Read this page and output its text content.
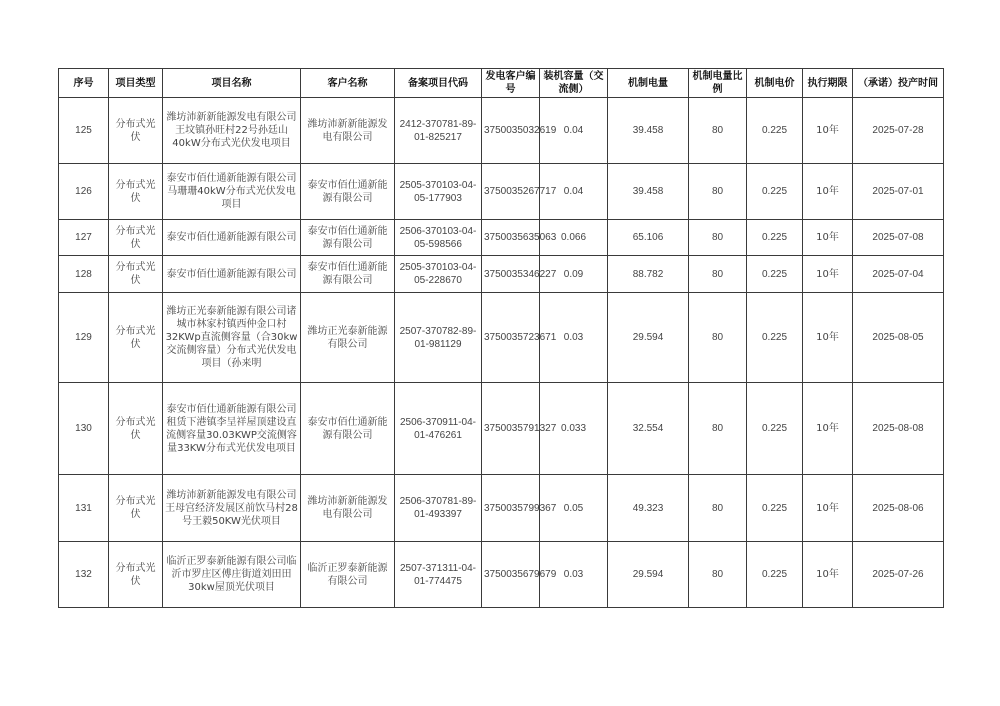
序号	项目类型	项目名称	客户名称	备案项目代码	发电客户编号	装机容量（交流侧）	机制电量	机制电量比例	机制电价	执行期限	（承诺）投产时间
125	分布式光伏	潍坊沛新新能源发电有限公司王坟镇孙旺村22号孙廷山40kW分布式光伏发电项目	潍坊沛新新能源发电有限公司	2412-370781-89-01-825217	3750035032619	0.04	39.458	80	0.225	10年	2025-07-28
126	分布式光伏	泰安市佰仕通新能源有限公司马珊珊40kW分布式光伏发电项目	泰安市佰仕通新能源有限公司	2505-370103-04-05-177903	3750035267717	0.04	39.458	80	0.225	10年	2025-07-01
127	分布式光伏	泰安市佰仕通新能源有限公司	泰安市佰仕通新能源有限公司	2506-370103-04-05-598566	3750035635063	0.066	65.106	80	0.225	10年	2025-07-08
128	分布式光伏	泰安市佰仕通新能源有限公司	泰安市佰仕通新能源有限公司	2505-370103-04-05-228670	3750035346227	0.09	88.782	80	0.225	10年	2025-07-04
129	分布式光伏	潍坊正光泰新能源有限公司诸城市林家村镇西仲金口村32KWp直流侧容量（合30kw交流侧容量）分布式光伏发电项目（孙来明	潍坊正光泰新能源有限公司	2507-370782-89-01-981129	3750035723671	0.03	29.594	80	0.225	10年	2025-08-05
130	分布式光伏	泰安市佰仕通新能源有限公司租赁下港镇李呈祥屋顶建设直流侧容量30.03KWP交流侧容量33KW分布式光伏发电项目	泰安市佰仕通新能源有限公司	2506-370911-04-01-476261	3750035791327	0.033	32.554	80	0.225	10年	2025-08-08
131	分布式光伏	潍坊沛新新能源发电有限公司王母宫经济发展区前饮马村28号王毅50KW光伏项目	潍坊沛新新能源发电有限公司	2506-370781-89-01-493397	3750035799367	0.05	49.323	80	0.225	10年	2025-08-06
132	分布式光伏	临沂正罗泰新能源有限公司临沂市罗庄区傅庄街道刘田田30kw屋顶光伏项目	临沂正罗泰新能源有限公司	2507-371311-04-01-774475	3750035679679	0.03	29.594	80	0.225	10年	2025-07-26
